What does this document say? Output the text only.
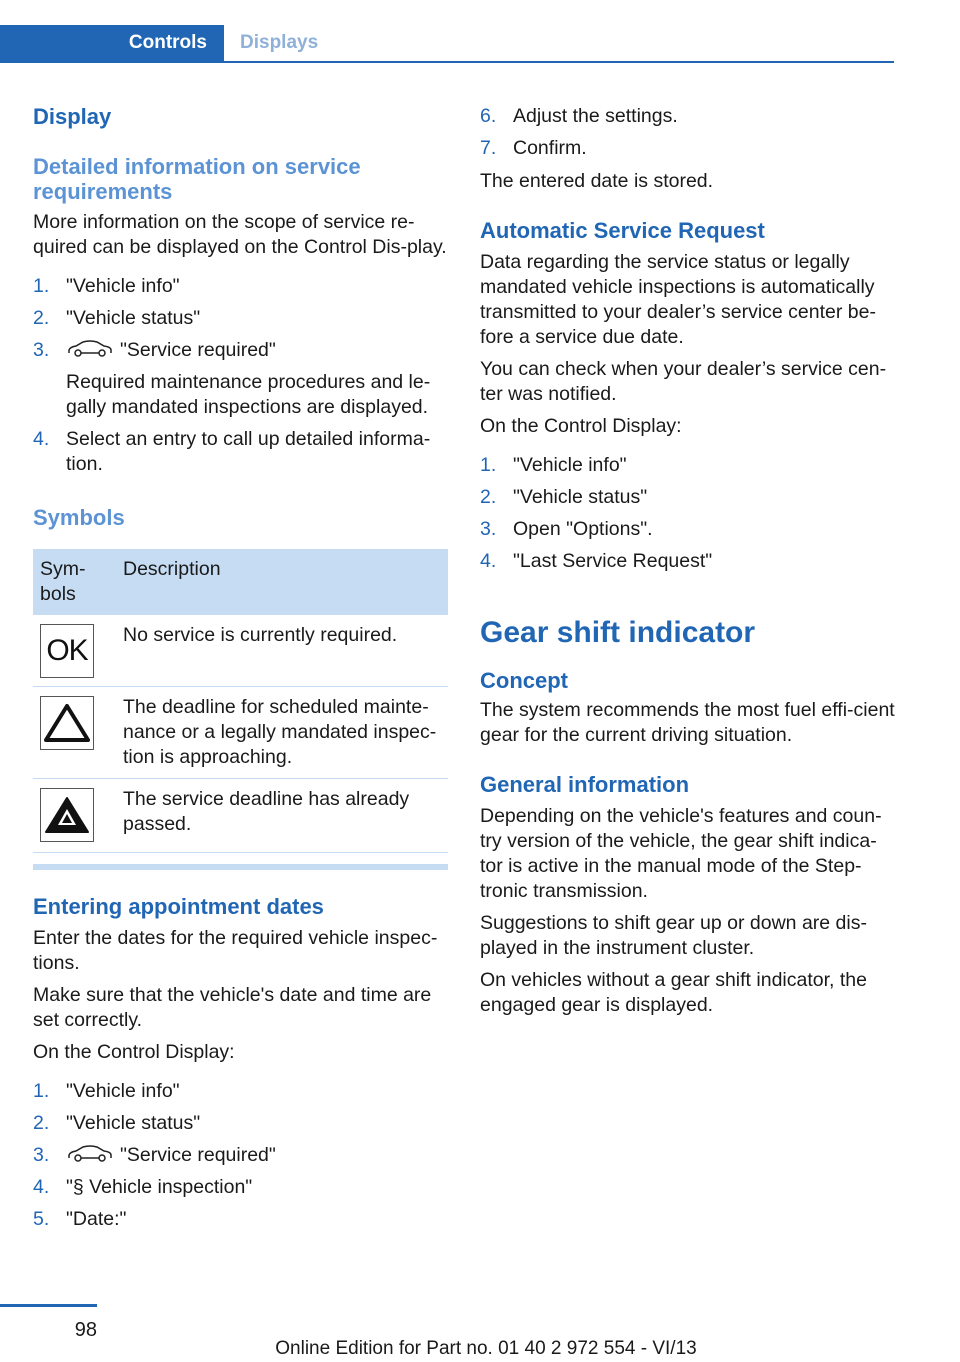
Controls	Displays
Display
Detailed information on service requirements

More information on the scope of service re-quired can be displayed on the Control Dis-play.

1. "Vehicle info"
2. "Vehicle status"
3.	"Service required"

Required maintenance procedures and le-gally mandated inspections are displayed.

4. Select an entry to call up detailed informa-tion.
Symbols
Sym-bols	Description

OK	No service is currently required.

	The deadline for scheduled mainte-nance or a legally mandated inspec-tion is approaching.

	The service deadline has already passed.
Entering appointment dates

Enter the dates for the required vehicle inspec-tions.

Make sure that the vehicle's date and time are set correctly.

On the Control Display:

1. "Vehicle info"
2. "Vehicle status"
3.	"Service required"
4. "§ Vehicle inspection"
5. "Date:"
6. Adjust the settings.
7. Confirm.

The entered date is stored.

Automatic Service Request

Data regarding the service status or legally mandated vehicle inspections is automatically transmitted to your dealer’s service center be-fore a service due date.

You can check when your dealer’s service cen-ter was notified.

On the Control Display:

1. "Vehicle info"
2. "Vehicle status"
3. Open "Options".
4. "Last Service Request"
Gear shift indicator
Concept

The system recommends the most fuel effi-cient gear for the current driving situation.

General information

Depending on the vehicle's features and coun-try version of the vehicle, the gear shift indica-tor is active in the manual mode of the Step-tronic transmission.

Suggestions to shift gear up or down are dis-played in the instrument cluster.

On vehicles without a gear shift indicator, the engaged gear is displayed.

98
Online Edition for Part no. 01 40 2 972 554 - VI/13
